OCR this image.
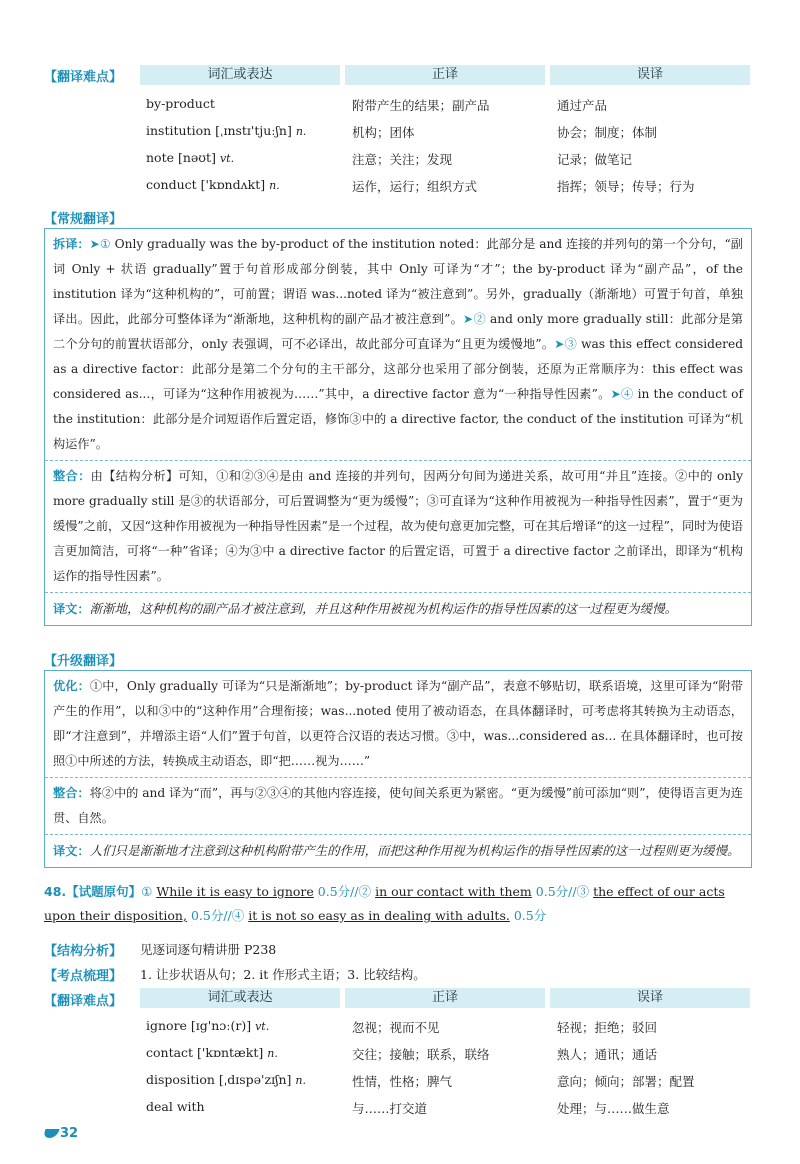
【翻译难点】	词汇或表达	正译	误译
by-product	附带产生的结果；副产品	通过产品
institution [ˌɪnstɪ'tjuːʃn] n.	机构；团体	协会；制度；体制
note [nəʊt] vt.	注意；关注；发现	记录；做笔记
conduct ['kɒndʌkt] n.	运作，运行；组织方式	指挥；领导；传导；行为
【常规翻译】
拆译：➤① Only gradually was the by-product of the institution noted：此部分是 and 连接的并列句的第一个分句，“副词 Only + 状语 gradually”置于句首形成部分倒装，其中 Only 可译为“才”；the by-product 译为“副产品”，of the institution 译为“这种机构的”，可前置；谓语 was...noted 译为“被注意到”。另外，gradually（渐渐地）可置于句首，单独译出。因此，此部分可整体译为“渐渐地，这种机构的副产品才被注意到”。➤② and only more gradually still：此部分是第二个分句的前置状语部分，only 表强调，可不必译出，故此部分可直译为“且更为缓慢地”。➤③ was this effect considered as a directive factor：此部分是第二个分句的主干部分，这部分也采用了部分倒装，还原为正常顺序为：this effect was considered as...，可译为“这种作用被视为……”其中，a directive factor 意为“一种指导性因素”。➤④ in the conduct of the institution：此部分是介词短语作后置定语，修饰③中的 a directive factor, the conduct of the institution 可译为“机构运作”。
整合：由【结构分析】可知，①和②③④是由 and 连接的并列句，因两分句间为递进关系，故可用“并且”连接。②中的 only more gradually still 是③的状语部分，可后置调整为“更为缓慢”；③可直译为“这种作用被视为一种指导性因素”，置于“更为缓慢”之前，又因“这种作用被视为一种指导性因素”是一个过程，故为使句意更加完整，可在其后增译“的这一过程”，同时为使语言更加简洁，可将“一种”省译；④为③中 a directive factor 的后置定语，可置于 a directive factor 之前译出，即译为“机构运作的指导性因素”。
译文：渐渐地，这种机构的副产品才被注意到，并且这种作用被视为机构运作的指导性因素的这一过程更为缓慢。
【升级翻译】
优化：①中，Only gradually 可译为“只是渐渐地”；by-product 译为“副产品”，表意不够贴切，联系语境，这里可译为“附带产生的作用”，以和③中的“这种作用”合理衔接；was...noted 使用了被动语态，在具体翻译时，可考虑将其转换为主动语态，即“才注意到”，并增添主语“人们”置于句首，以更符合汉语的表达习惯。③中，was...considered as... 在具体翻译时，也可按照①中所述的方法，转换成主动语态，即“把……视为……”
整合：将②中的 and 译为“而”，再与②③④的其他内容连接，使句间关系更为紧密。“更为缓慢”前可添加“则”，使得语言更为连贯、自然。
译文：人们只是渐渐地才注意到这种机构附带产生的作用，而把这种作用视为机构运作的指导性因素的这一过程则更为缓慢。
48.【试题原句】① While it is easy to ignore 0.5分//② in our contact with them 0.5分//③ the effect of our acts upon their disposition, 0.5分//④ it is not so easy as in dealing with adults. 0.5分
【结构分析】 见逐词逐句精讲册 P238
【考点梳理】 1. 让步状语从句；2. it 作形式主语；3. 比较结构。
【翻译难点】	词汇或表达	正译	误译
ignore [ɪg'nɔː(r)] vt.	忽视；视而不见	轻视；拒绝；驳回
contact ['kɒntækt] n.	交往；接触；联系，联络	熟人；通讯；通话
disposition [ˌdɪspə'zɪʃn] n.	性情，性格；脾气	意向；倾向；部署；配置
deal with	与……打交道	处理；与……做生意
32
